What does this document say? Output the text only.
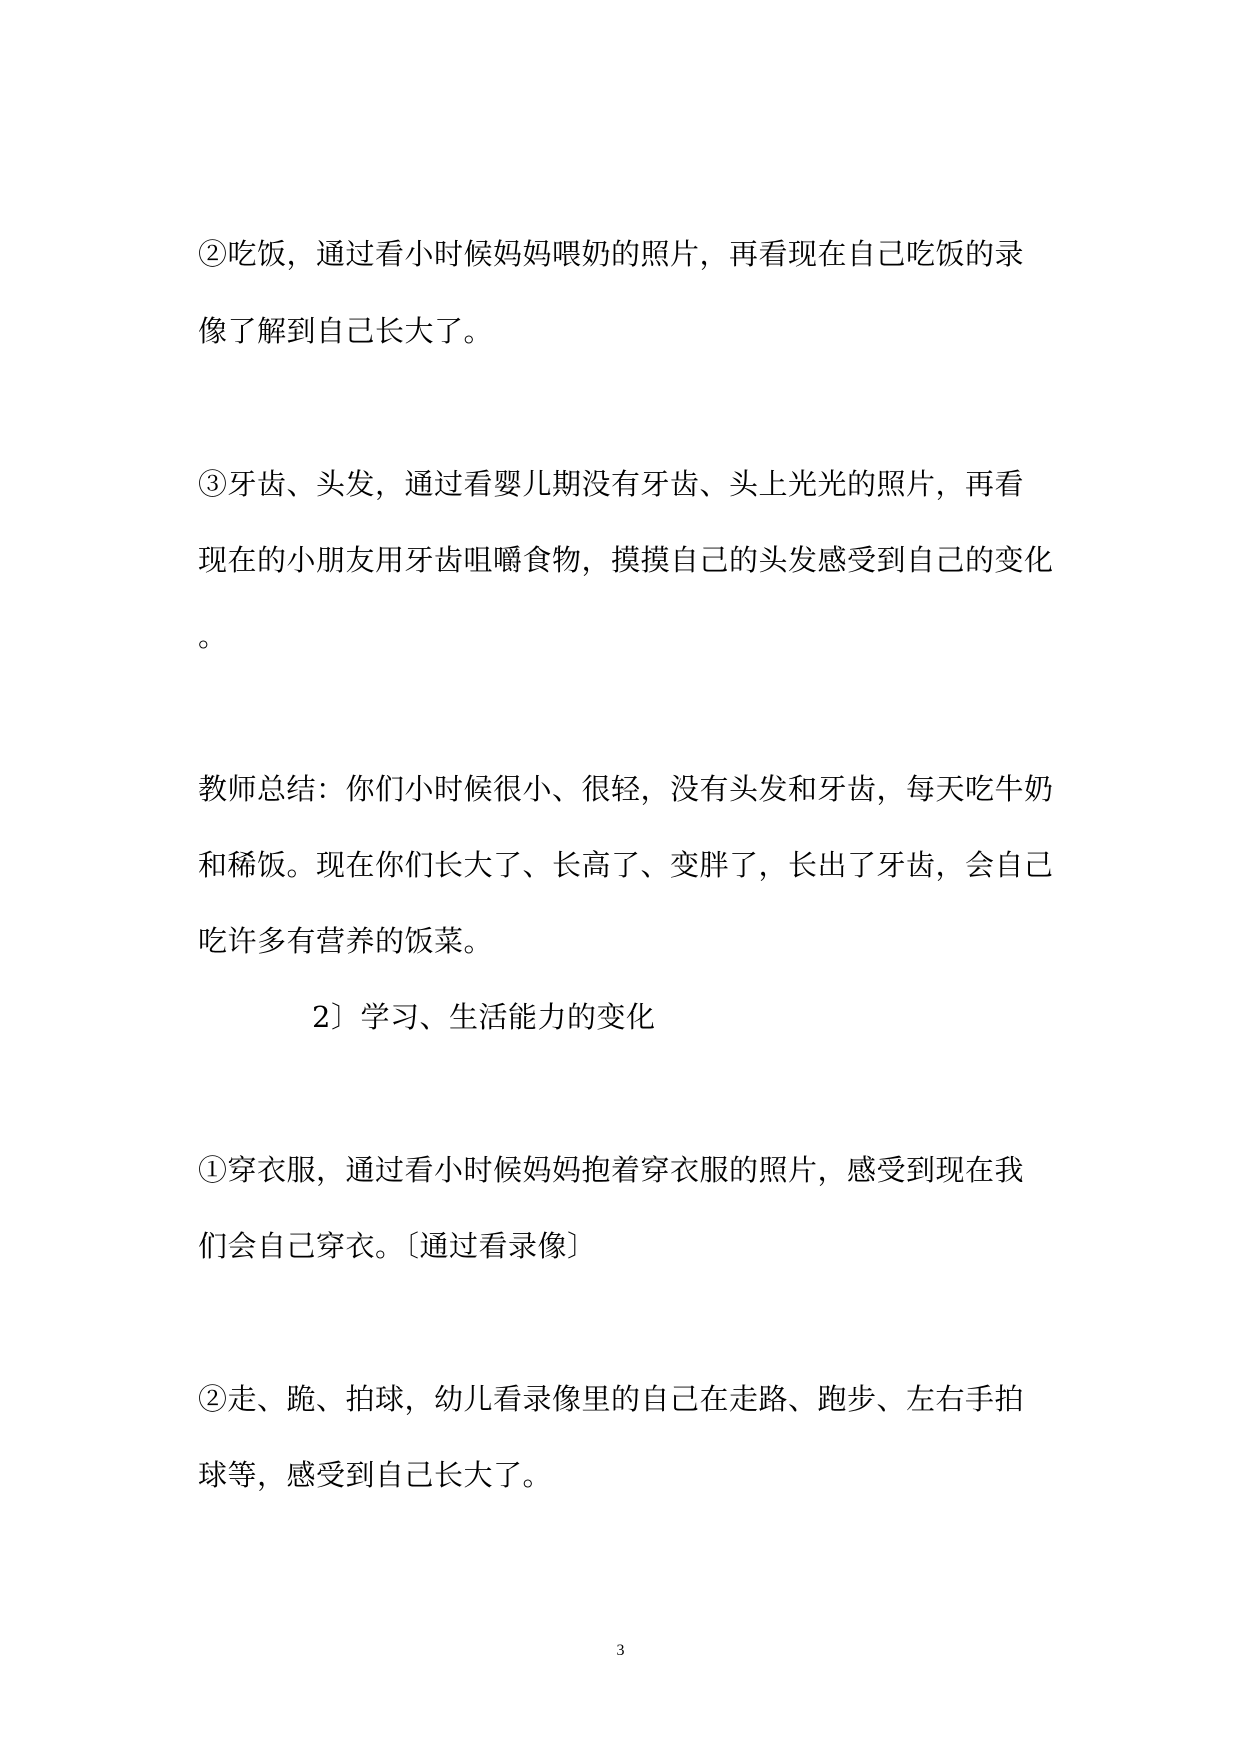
②吃饭，通过看小时候妈妈喂奶的照片，再看现在自己吃饭的录
像了解到自己长大了。
③牙齿、头发，通过看婴儿期没有牙齿、头上光光的照片，再看
现在的小朋友用牙齿咀嚼食物，摸摸自己的头发感受到自己的变化
。
教师总结：你们小时候很小、很轻，没有头发和牙齿，每天吃牛奶
和稀饭。现在你们长大了、长高了、变胖了，长出了牙齿，会自己
吃许多有营养的饭菜。
2〕学习、生活能力的变化
①穿衣服，通过看小时候妈妈抱着穿衣服的照片，感受到现在我
们会自己穿衣。〔通过看录像〕
②走、跪、拍球，幼儿看录像里的自己在走路、跑步、左右手拍
球等，感受到自己长大了。
3
